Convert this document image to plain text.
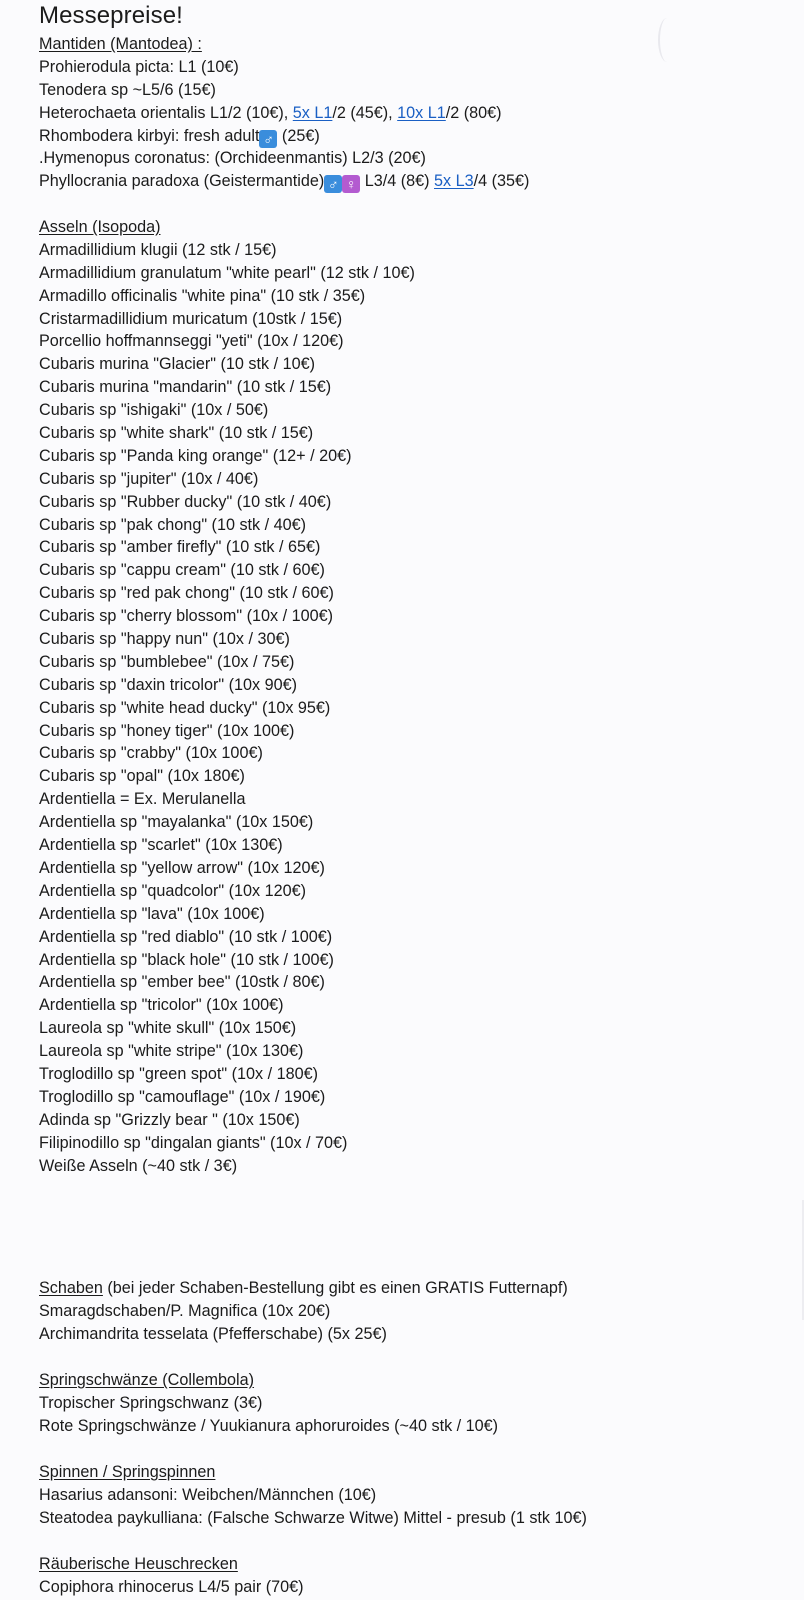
Messepreise!
Mantiden (Mantodea) :
Prohierodula picta: L1 (10€)
Tenodera sp ~L5/6 (15€)
Heterochaeta orientalis L1/2 (10€), 5x L1/2 (45€), 10x L1/2 (80€)
Rhombodera kirbyi: fresh adult ♂ (25€)
.Hymenopus coronatus: (Orchideenmantis) L2/3 (20€)
Phyllocrania paradoxa (Geistermantide) ♂ ♀ L3/4 (8€) 5x L3/4 (35€)
Asseln (Isopoda)
Armadillidium klugii (12 stk / 15€)
Armadillidium granulatum "white pearl" (12 stk / 10€)
Armadillo officinalis "white pina" (10 stk / 35€)
Cristarmadillidium muricatum (10stk / 15€)
Porcellio hoffmannseggi "yeti" (10x / 120€)
Cubaris murina "Glacier" (10 stk / 10€)
Cubaris murina "mandarin" (10 stk / 15€)
Cubaris sp "ishigaki" (10x / 50€)
Cubaris sp "white shark" (10 stk / 15€)
Cubaris sp "Panda king orange" (12+ / 20€)
Cubaris sp "jupiter" (10x / 40€)
Cubaris sp "Rubber ducky" (10 stk / 40€)
Cubaris sp "pak chong" (10 stk / 40€)
Cubaris sp "amber firefly" (10 stk / 65€)
Cubaris sp "cappu cream" (10 stk / 60€)
Cubaris sp "red pak chong" (10 stk / 60€)
Cubaris sp "cherry blossom" (10x / 100€)
Cubaris sp "happy nun" (10x / 30€)
Cubaris sp "bumblebee" (10x / 75€)
Cubaris sp "daxin tricolor" (10x 90€)
Cubaris sp "white head ducky" (10x 95€)
Cubaris sp "honey tiger" (10x 100€)
Cubaris sp "crabby" (10x 100€)
Cubaris sp "opal" (10x 180€)
Ardentiella = Ex. Merulanella
Ardentiella sp "mayalanka" (10x 150€)
Ardentiella sp "scarlet" (10x 130€)
Ardentiella sp "yellow arrow" (10x 120€)
Ardentiella sp "quadcolor" (10x 120€)
Ardentiella sp "lava" (10x 100€)
Ardentiella sp "red diablo" (10 stk / 100€)
Ardentiella sp "black hole" (10 stk / 100€)
Ardentiella sp "ember bee" (10stk / 80€)
Ardentiella sp "tricolor" (10x 100€)
Laureola sp "white skull" (10x 150€)
Laureola sp "white stripe" (10x 130€)
Troglodillo sp "green spot" (10x / 180€)
Troglodillo sp "camouflage" (10x / 190€)
Adinda sp "Grizzly bear " (10x 150€)
Filipinodillo sp "dingalan giants" (10x / 70€)
Weiße Asseln (~40 stk / 3€)
Schaben (bei jeder Schaben-Bestellung gibt es einen GRATIS Futternapf)
Smaragdschaben/P. Magnifica (10x 20€)
Archimandrita tesselata (Pfefferschabe) (5x 25€)
Springschwänze (Collembola)
Tropischer Springschwanz (3€)
Rote Springschwänze / Yuukianura aphoruroides (~40 stk / 10€)
Spinnen / Springspinnen
Hasarius adansoni: Weibchen/Männchen (10€)
Steatodea paykulliana: (Falsche Schwarze Witwe) Mittel - presub (1 stk 10€)
Räuberische Heuschrecken
Copiphora rhinocerus L4/5 pair (70€)
